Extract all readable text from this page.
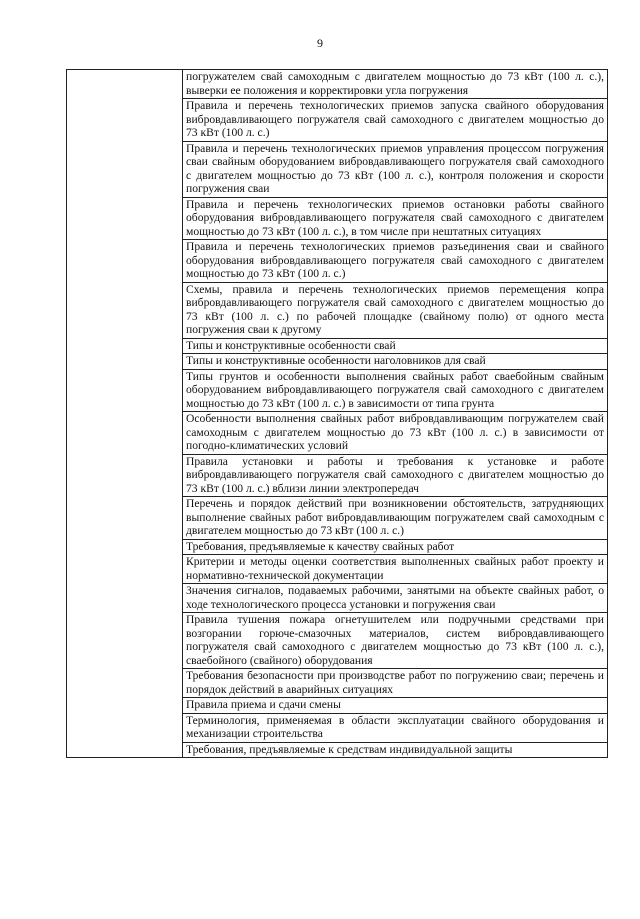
9
	погружателем свай самоходным с двигателем мощностью до 73 кВт (100 л. с.), выверки ее положения и корректировки угла погружения
Правила и перечень технологических приемов запуска свайного оборудования вибровдавливающего погружателя свай самоходного с двигателем мощностью до 73 кВт (100 л. с.)
Правила и перечень технологических приемов управления процессом погружения сваи свайным оборудованием вибровдавливающего погружателя свай самоходного с двигателем мощностью до 73 кВт (100 л. с.), контроля положения и скорости погружения сваи
Правила и перечень технологических приемов остановки работы свайного оборудования вибровдавливающего погружателя свай самоходного с двигателем мощностью до 73 кВт (100 л. с.), в том числе при нештатных ситуациях
Правила и перечень технологических приемов разъединения сваи и свайного оборудования вибровдавливающего погружателя свай самоходного с двигателем мощностью до 73 кВт (100 л. с.)
Схемы, правила и перечень технологических приемов перемещения копра вибровдавливающего погружателя свай самоходного с двигателем мощностью до 73 кВт (100 л. с.) по рабочей площадке (свайному полю) от одного места погружения сваи к другому
Типы и конструктивные особенности свай
Типы и конструктивные особенности наголовников для свай
Типы грунтов и особенности выполнения свайных работ сваебойным свайным оборудованием вибровдавливающего погружателя свай самоходного с двигателем мощностью до 73 кВт (100 л. с.) в зависимости от типа грунта
Особенности выполнения свайных работ вибровдавливающим погружателем свай самоходным с двигателем мощностью до 73 кВт (100 л. с.) в зависимости от погодно-климатических условий
Правила установки и работы и требования к установке и работе вибровдавливающего погружателя свай самоходного с двигателем мощностью до 73 кВт (100 л. с.) вблизи линии электропередач
Перечень и порядок действий при возникновении обстоятельств, затрудняющих выполнение свайных работ вибровдавливающим погружателем свай самоходным с двигателем мощностью до 73 кВт (100 л. с.)
Требования, предъявляемые к качеству свайных работ
Критерии и методы оценки соответствия выполненных свайных работ проекту и нормативно-технической документации
Значения сигналов, подаваемых рабочими, занятыми на объекте свайных работ, о ходе технологического процесса установки и погружения сваи
Правила тушения пожара огнетушителем или подручными средствами при возгорании горюче-смазочных материалов, систем вибровдавливающего погружателя свай самоходного с двигателем мощностью до 73 кВт (100 л. с.), сваебойного (свайного) оборудования
Требования безопасности при производстве работ по погружению сваи; перечень и порядок действий в аварийных ситуациях
Правила приема и сдачи смены
Терминология, применяемая в области эксплуатации свайного оборудования и механизации строительства
Требования, предъявляемые к средствам индивидуальной защиты
